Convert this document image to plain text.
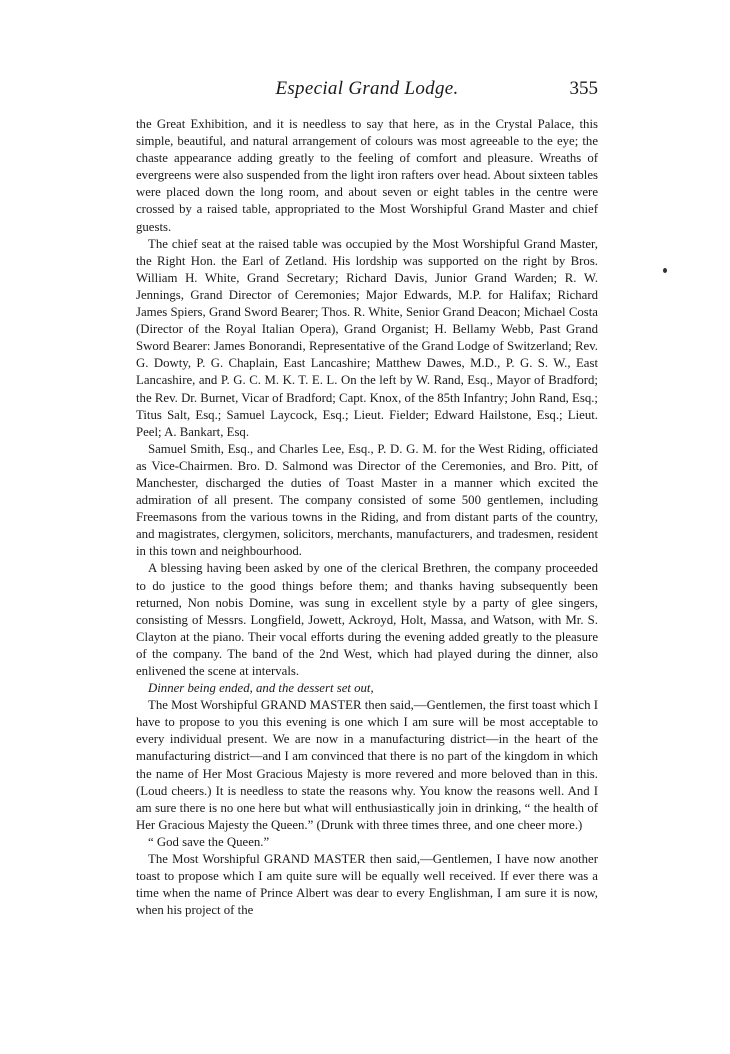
Especial Grand Lodge.	355

the Great Exhibition, and it is needless to say that here, as in the Crystal Palace, this simple, beautiful, and natural arrangement of colours was most agreeable to the eye; the chaste appearance adding greatly to the feeling of comfort and pleasure. Wreaths of evergreens were also suspended from the light iron rafters over head. About sixteen tables were placed down the long room, and about seven or eight tables in the centre were crossed by a raised table, appropriated to the Most Worshipful Grand Master and chief guests.

The chief seat at the raised table was occupied by the Most Worshipful Grand Master, the Right Hon. the Earl of Zetland. His lordship was supported on the right by Bros. William H. White, Grand Secretary; Richard Davis, Junior Grand Warden; R. W. Jennings, Grand Director of Ceremonies; Major Edwards, M.P. for Halifax; Richard James Spiers, Grand Sword Bearer; Thos. R. White, Senior Grand Deacon; Michael Costa (Director of the Royal Italian Opera), Grand Organist; H. Bellamy Webb, Past Grand Sword Bearer: James Bonorandi, Representative of the Grand Lodge of Switzerland; Rev. G. Dowty, P. G. Chaplain, East Lancashire; Matthew Dawes, M.D., P. G. S. W., East Lancashire, and P. G. C. M. K. T. E. L. On the left by W. Rand, Esq., Mayor of Bradford; the Rev. Dr. Burnet, Vicar of Bradford; Capt. Knox, of the 85th Infantry; John Rand, Esq.; Titus Salt, Esq.; Samuel Laycock, Esq.; Lieut. Fielder; Edward Hailstone, Esq.; Lieut. Peel; A. Bankart, Esq.

Samuel Smith, Esq., and Charles Lee, Esq., P. D. G. M. for the West Riding, officiated as Vice-Chairmen. Bro. D. Salmond was Director of the Ceremonies, and Bro. Pitt, of Manchester, discharged the duties of Toast Master in a manner which excited the admiration of all present. The company consisted of some 500 gentlemen, including Freemasons from the various towns in the Riding, and from distant parts of the country, and magistrates, clergymen, solicitors, merchants, manufacturers, and tradesmen, resident in this town and neighbourhood.

A blessing having been asked by one of the clerical Brethren, the company proceeded to do justice to the good things before them; and thanks having subsequently been returned, Non nobis Domine, was sung in excellent style by a party of glee singers, consisting of Messrs. Longfield, Jowett, Ackroyd, Holt, Massa, and Watson, with Mr. S. Clayton at the piano. Their vocal efforts during the evening added greatly to the pleasure of the company. The band of the 2nd West, which had played during the dinner, also enlivened the scene at intervals.

Dinner being ended, and the dessert set out,

The Most Worshipful GRAND MASTER then said,—Gentlemen, the first toast which I have to propose to you this evening is one which I am sure will be most acceptable to every individual present. We are now in a manufacturing district—in the heart of the manufacturing district—and I am convinced that there is no part of the kingdom in which the name of Her Most Gracious Majesty is more revered and more beloved than in this. (Loud cheers.) It is needless to state the reasons why. You know the reasons well. And I am sure there is no one here but what will enthusiastically join in drinking, “ the health of Her Gracious Majesty the Queen.” (Drunk with three times three, and one cheer more.)

“ God save the Queen.”

The Most Worshipful GRAND MASTER then said,—Gentlemen, I have now another toast to propose which I am quite sure will be equally well received. If ever there was a time when the name of Prince Albert was dear to every Englishman, I am sure it is now, when his project of the
